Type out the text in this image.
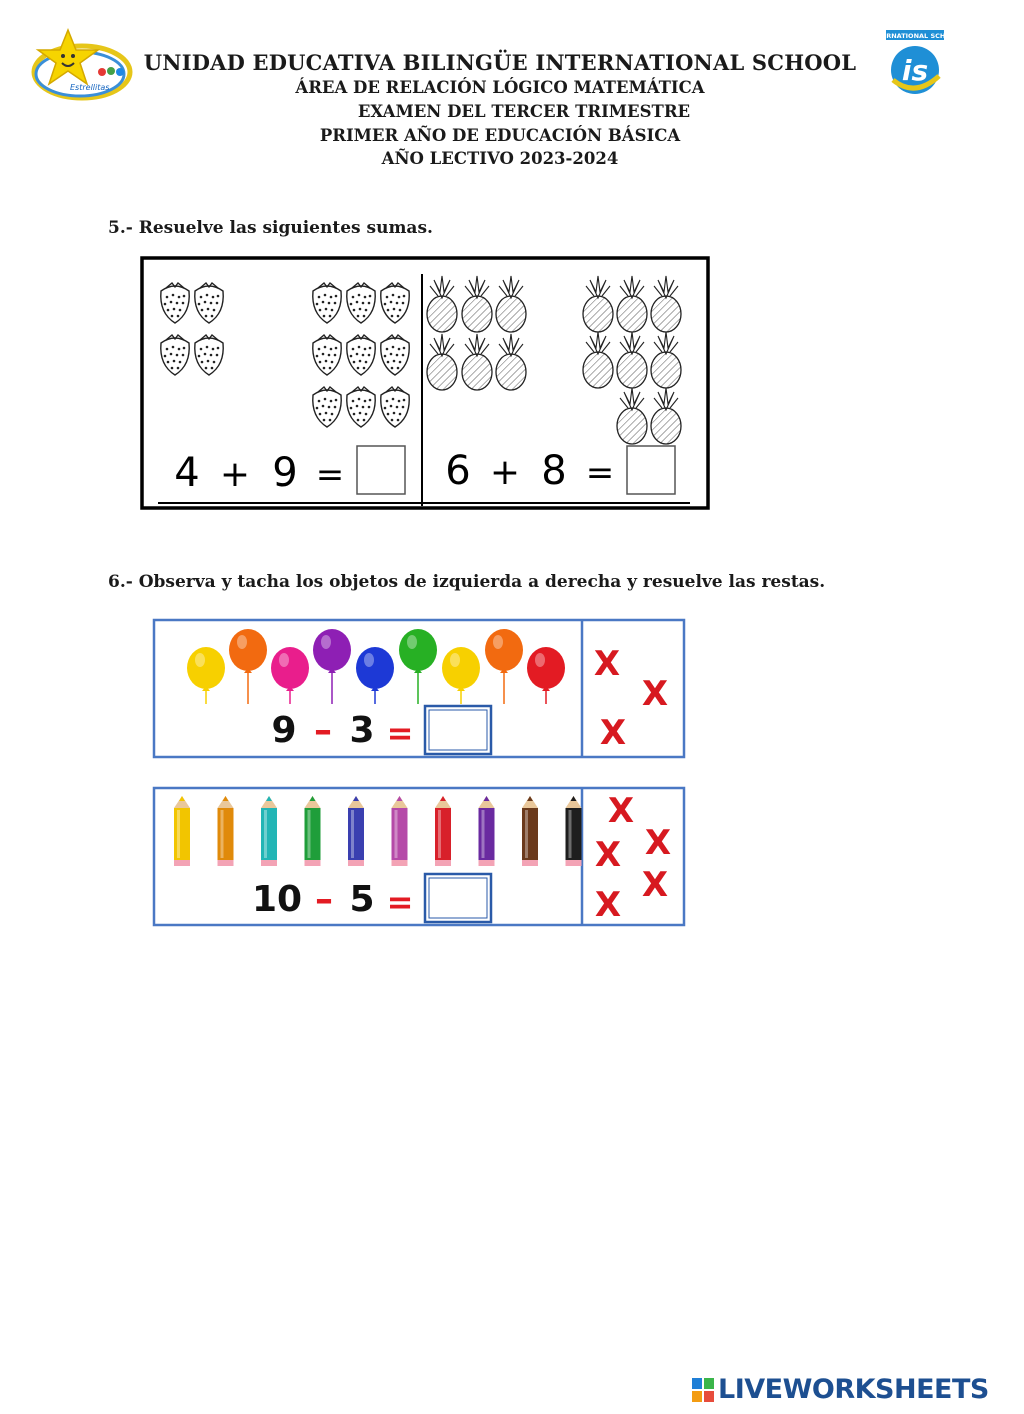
Estrellitas
INTERNATIONAL SCHOOL
is
UNIDAD EDUCATIVA BILINGÜE INTERNATIONAL SCHOOL
ÁREA DE RELACIÓN LÓGICO MATEMÁTICA
EXAMEN DEL TERCER TRIMESTRE
PRIMER AÑO DE EDUCACIÓN BÁSICA
AÑO LECTIVO 2023-2024
5.- Resuelve las siguientes sumas.
4 + 9 =	6 + 8 =
6.- Observa y tacha los objetos de izquierda a derecha y resuelve las restas.
9 – 3 =
X
X
X
10 – 5 =
X
X
X
X
X
LIVEWORKSHEETS
